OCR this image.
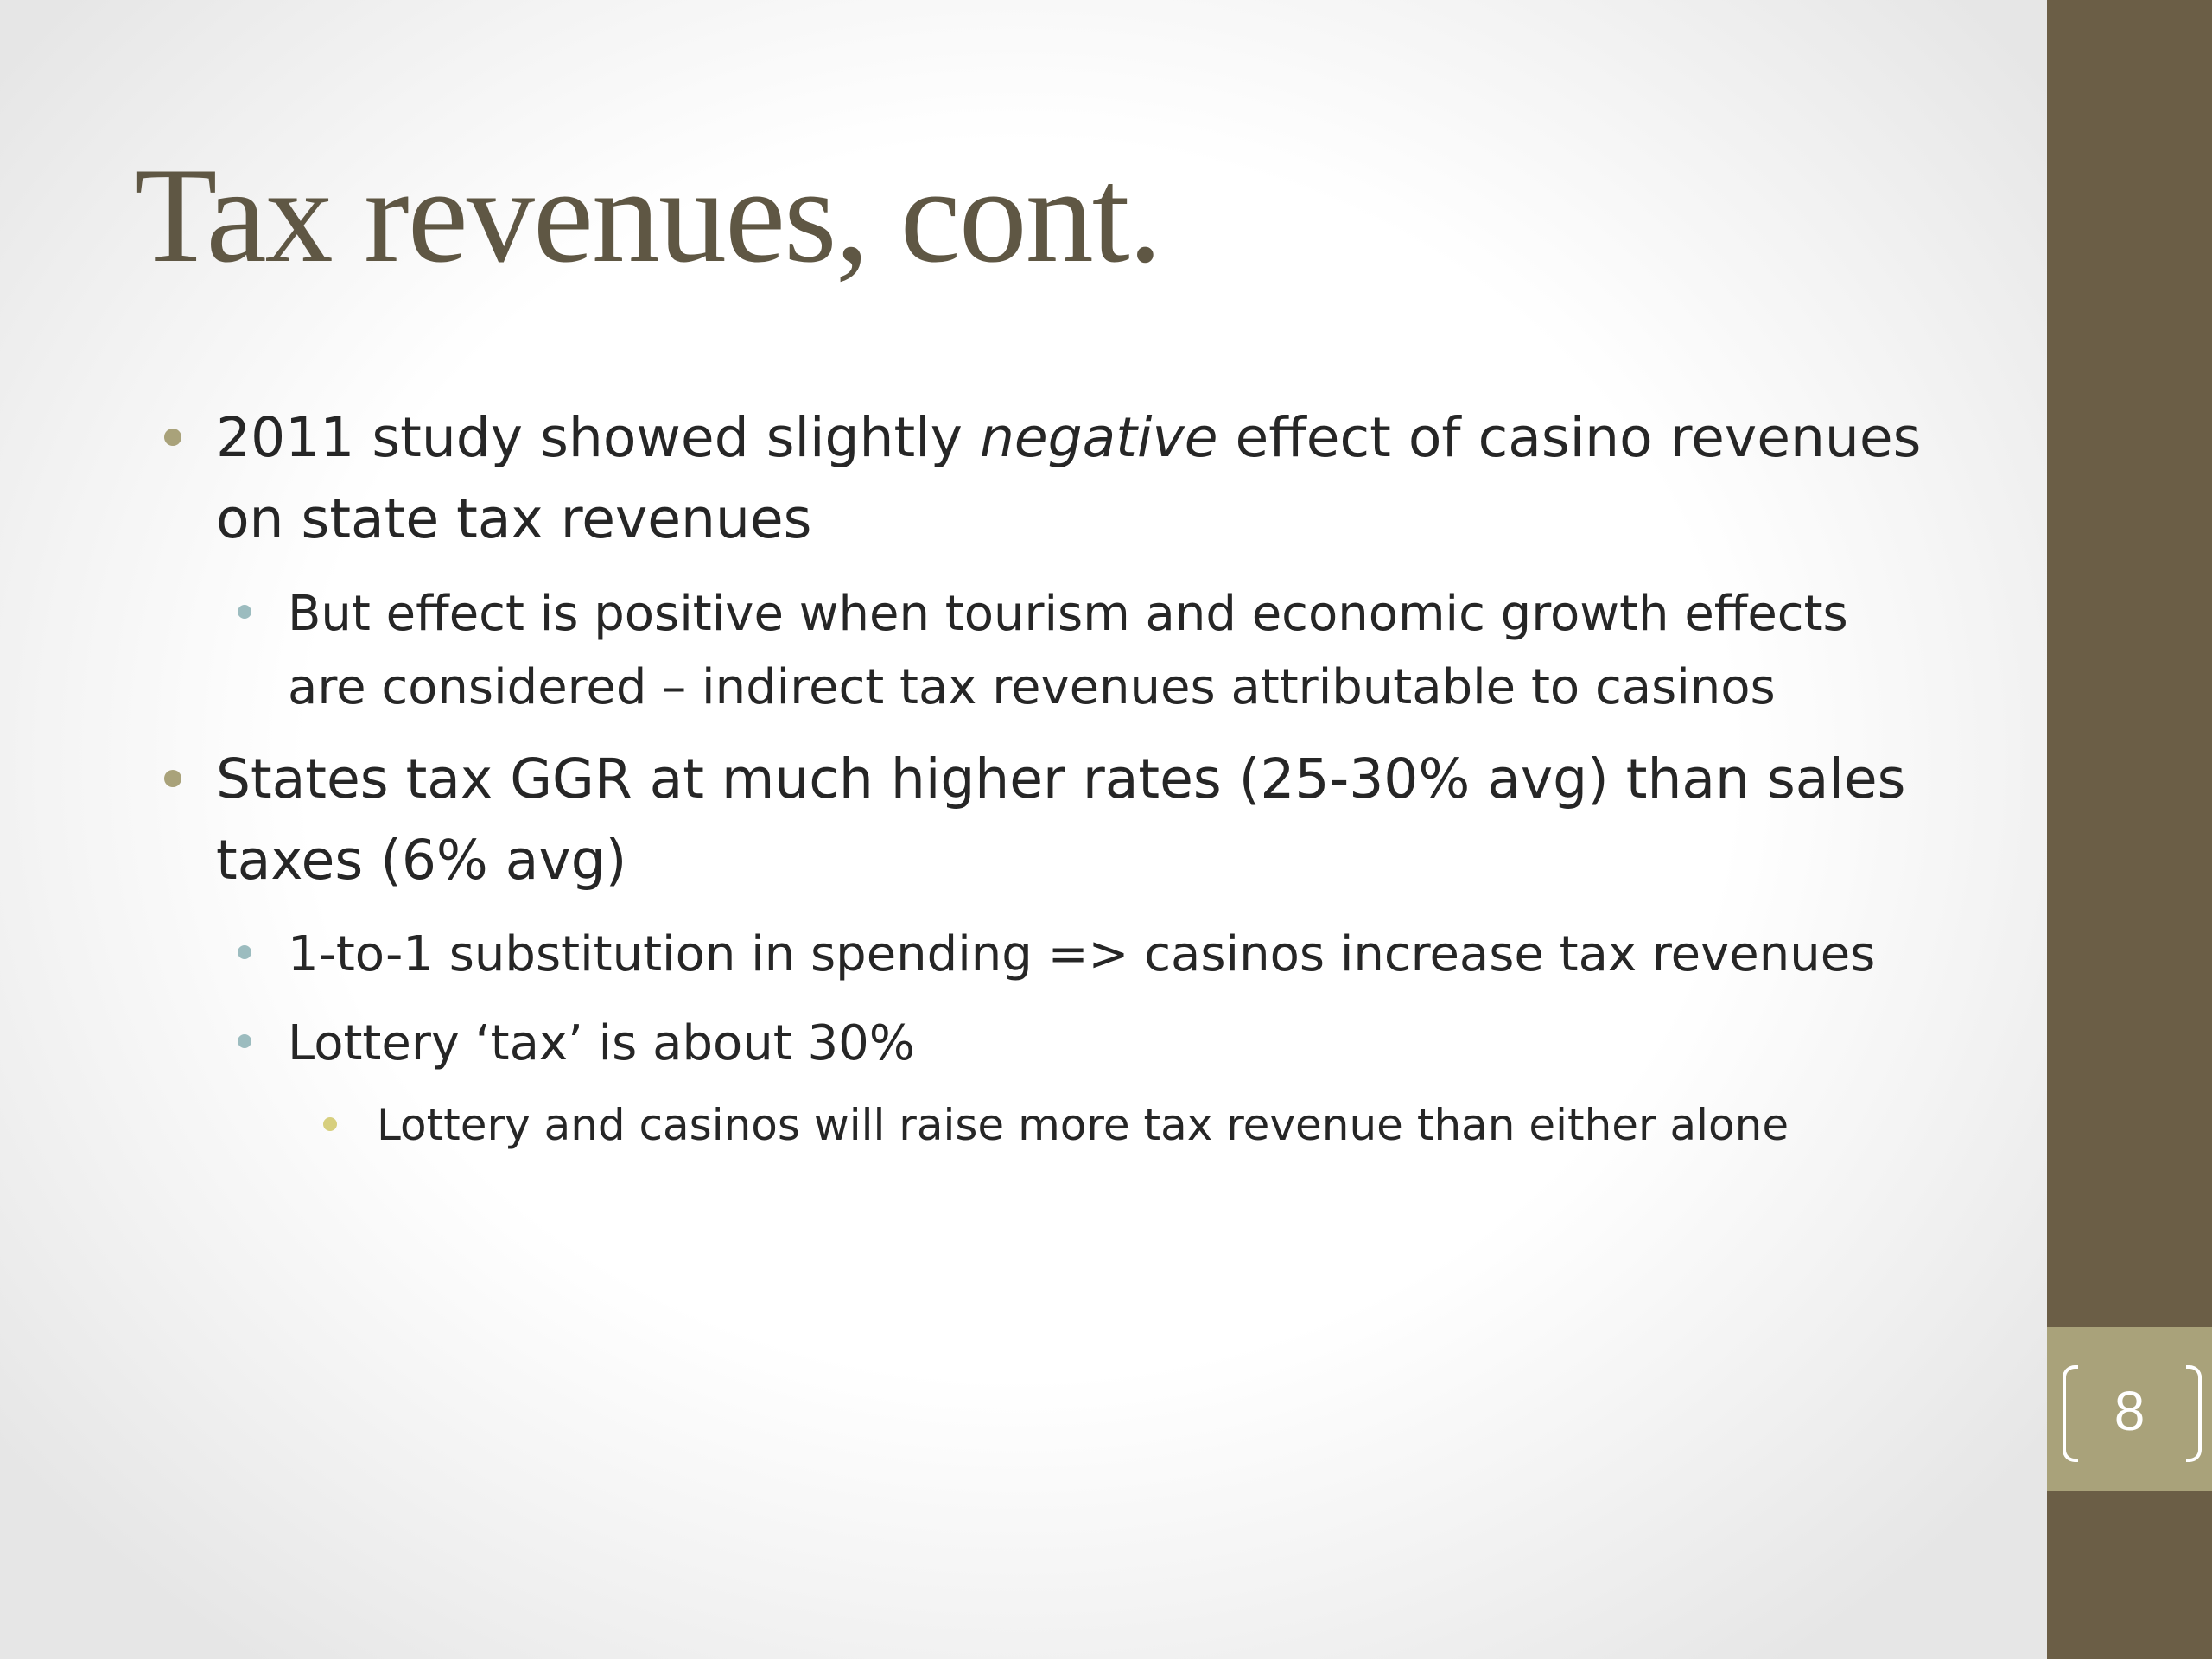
Tax revenues, cont.
2011 study showed slightly negative effect of casino revenues on state tax revenues
But effect is positive when tourism and economic growth effects are considered – indirect tax revenues attributable to casinos
States tax GGR at much higher rates (25-30% avg) than sales taxes (6% avg)
1-to-1 substitution in spending => casinos increase tax revenues
Lottery ‘tax’ is about 30%
Lottery and casinos will raise more tax revenue than either alone
8
